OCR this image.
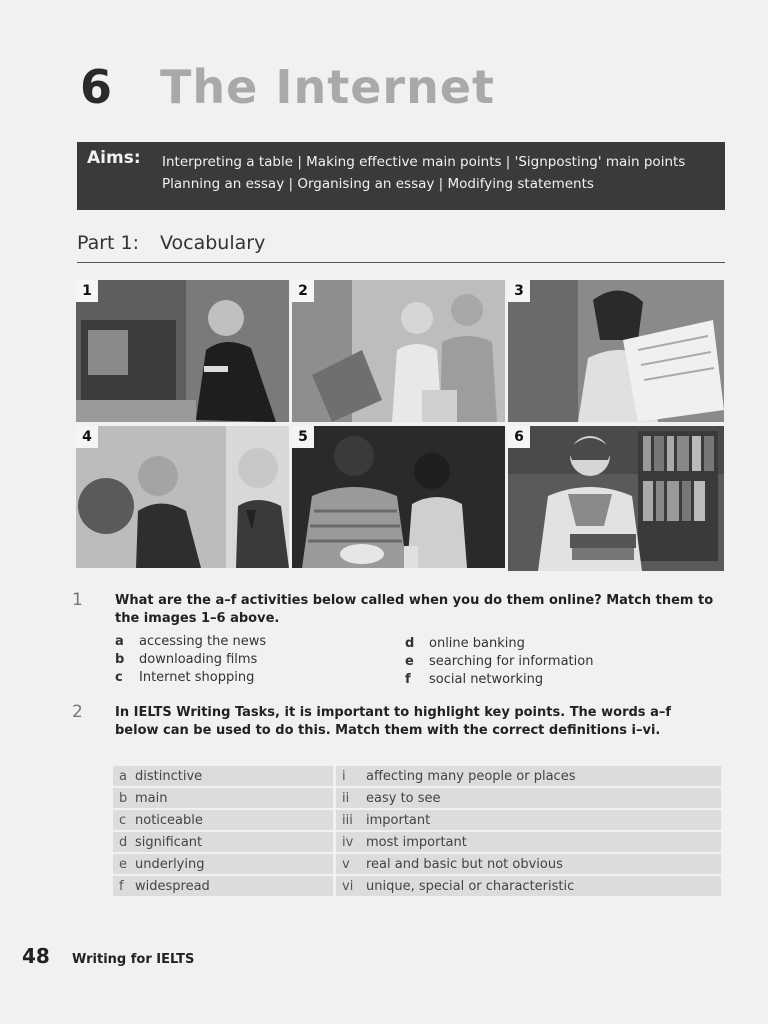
6 The Internet
Aims: Interpreting a table | Making effective main points | 'Signposting' main points
Planning an essay | Organising an essay | Modifying statements
Part 1: Vocabulary
1	2	3
4	5	6
1 What are the a–f activities below called when you do them online? Match them to the images 1–6 above.
a accessing the news
b downloading films
c Internet shopping
d online banking
e searching for information
f social networking
2 In IELTS Writing Tasks, it is important to highlight key points. The words a–f below can be used to do this. Match them with the correct definitions i–vi.
a distinctive	i	affecting many people or places
b main	ii	easy to see
c noticeable	iii	important
d significant	iv	most important
e underlying	v	real and basic but not obvious
f widespread	vi	unique, special or characteristic
48 Writing for IELTS
